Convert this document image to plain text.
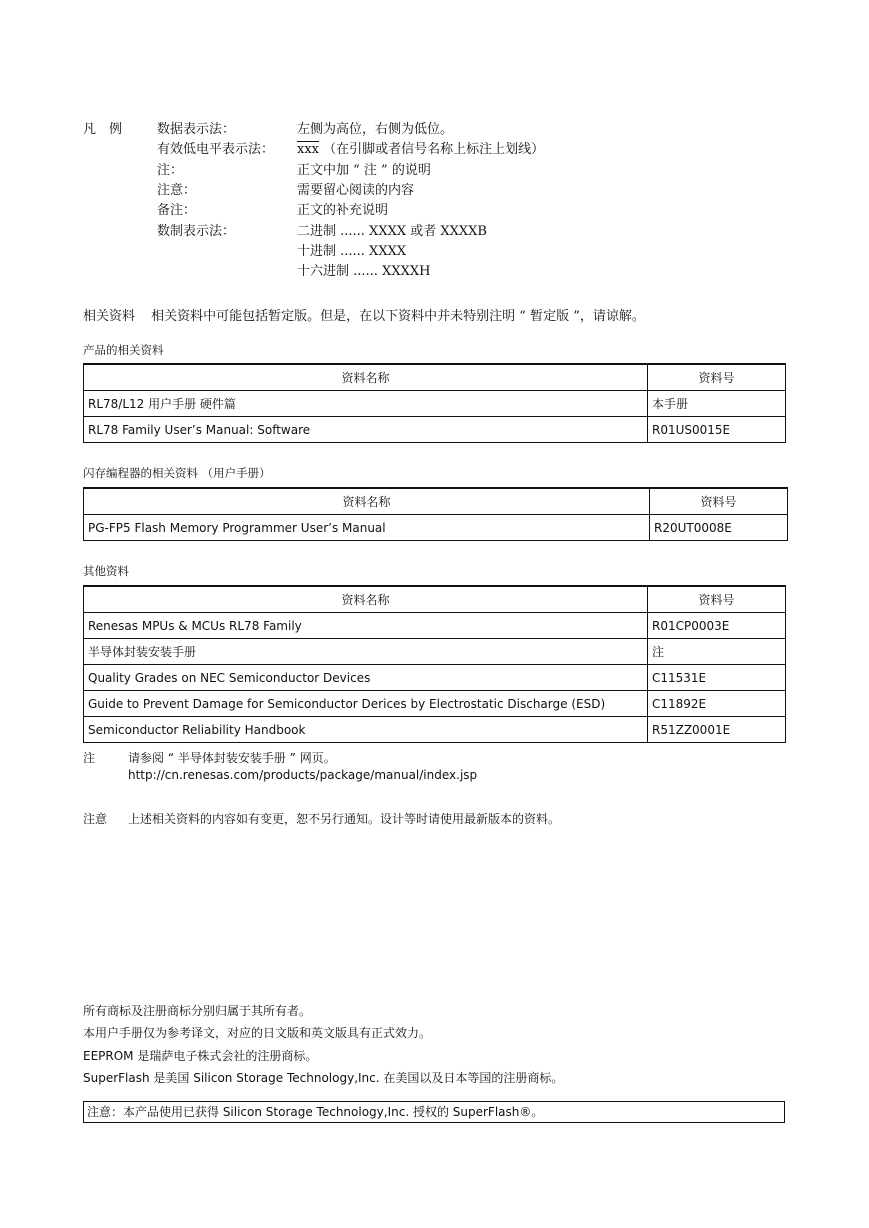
凡　例	数据表示法：	左侧为高位，右侧为低位。
有效低电平表示法： $\overline{xxx}$ （在引脚或者信号名称上标注上划线）
注：	正文中加 “ 注 ” 的说明
注意：	需要留心阅读的内容
备注：	正文的补充说明
数制表示法：	二进制 ...... XXXX 或者 XXXXB
十进制 ...... XXXX
十六进制 ...... XXXXH
相关资料 相关资料中可能包括暂定版。但是，在以下资料中并未特别注明 “ 暂定版 ”，请谅解。
产品的相关资料
资料名称	资料号
RL78/L12 用户手册 硬件篇	本手册
RL78 Family User’s Manual: Software	R01US0015E
闪存编程器的相关资料 （用户手册）
资料名称	资料号
PG-FP5 Flash Memory Programmer User’s Manual	R20UT0008E
其他资料
资料名称	资料号
Renesas MPUs & MCUs RL78 Family	R01CP0003E
半导体封装安装手册	注
Quality Grades on NEC Semiconductor Devices	C11531E
Guide to Prevent Damage for Semiconductor Derices by Electrostatic Discharge (ESD)	C11892E
Semiconductor Reliability Handbook	R51ZZ0001E
注	请参阅 “ 半导体封装安装手册 ” 网页。
http://cn.renesas.com/products/package/manual/index.jsp
注意 上述相关资料的内容如有变更，恕不另行通知。设计等时请使用最新版本的资料。
所有商标及注册商标分别归属于其所有者。
本用户手册仅为参考译文，对应的日文版和英文版具有正式效力。
EEPROM 是瑞萨电子株式会社的注册商标。
SuperFlash 是美国 Silicon Storage Technology,Inc. 在美国以及日本等国的注册商标。
注意：本产品使用已获得 Silicon Storage Technology,Inc. 授权的 SuperFlash®。
